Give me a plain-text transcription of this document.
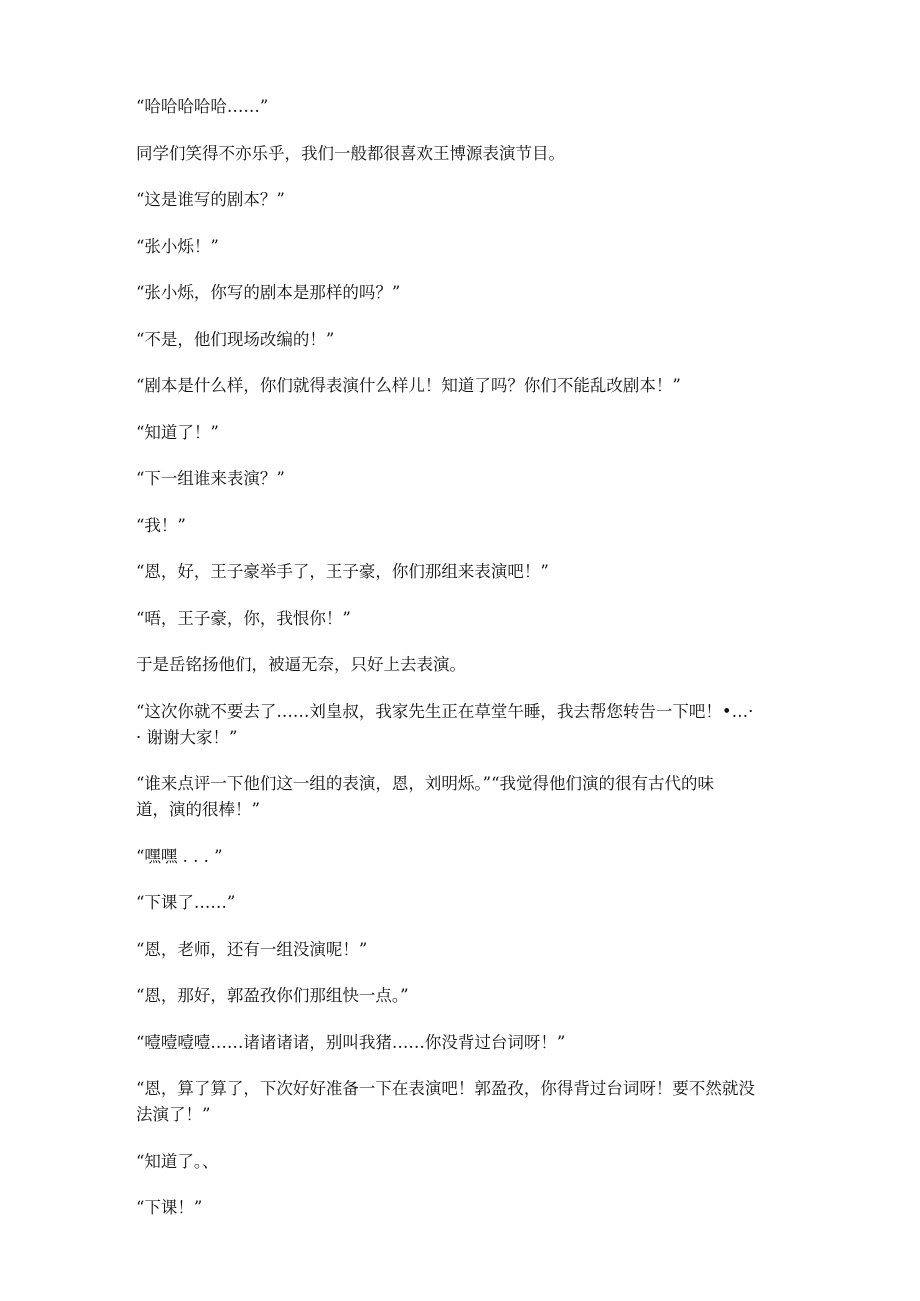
“哈哈哈哈哈……”

同学们笑得不亦乐乎，我们一般都很喜欢王博源表演节目。

“这是谁写的剧本？”

“张小烁！”

“张小烁，你写的剧本是那样的吗？”

“不是，他们现场改编的！”

“剧本是什么样，你们就得表演什么样儿！知道了吗？你们不能乱改剧本！”

“知道了！”

“下一组谁来表演？”

“我！”

“恩，好，王子豪举手了，王子豪，你们那组来表演吧！”

“唔，王子豪，你，我恨你！”

于是岳铭扬他们，被逼无奈，只好上去表演。

“这次你就不要去了……刘皇叔，我家先生正在草堂午睡，我去帮您转告一下吧！•…·
· 谢谢大家！”

“谁来点评一下他们这一组的表演，恩，刘明烁。”“我觉得他们演的很有古代的味
道，演的很棒！”

“嘿嘿 . . . ”

“下课了……”

“恩，老师，还有一组没演呢！”

“恩，那好，郭盈孜你们那组快一点。”

“噎噎噎噎……诸诸诸诸，别叫我猪……你没背过台词呀！”

“恩，算了算了，下次好好准备一下在表演吧！郭盈孜，你得背过台词呀！要不然就没
法演了！”

“知道了。、

“下课！”
